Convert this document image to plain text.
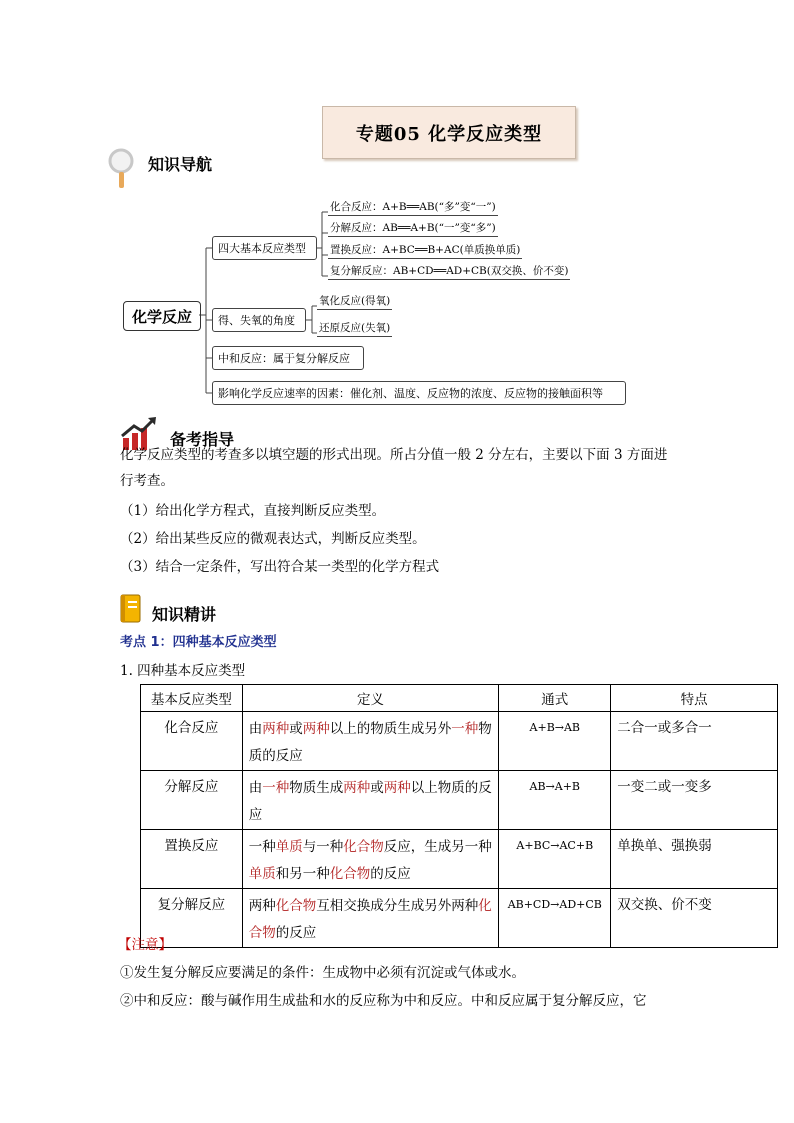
专题05 化学反应类型
知识导航
化学反应
四大基本反应类型
化合反应：A+B══AB(“多”变“一”)
分解反应：AB══A+B(“一”变“多”)
置换反应：A+BC══B+AC(单质换单质)
复分解反应：AB+CD══AD+CB(双交换、价不变)
得、失氧的角度
氧化反应(得氧)
还原反应(失氧)
中和反应：属于复分解反应
影响化学反应速率的因素：催化剂、温度、反应物的浓度、反应物的接触面积等
备考指导
化学反应类型的考查多以填空题的形式出现。所占分值一般 2 分左右，主要以下面 3 方面进行考查。
（1）给出化学方程式，直接判断反应类型。
（2）给出某些反应的微观表达式，判断反应类型。
（3）结合一定条件，写出符合某一类型的化学方程式
知识精讲
考点 1：四种基本反应类型
1. 四种基本反应类型
基本反应类型	定义	通式	特点
化合反应	由两种或两种以上的物质生成另外一种物质的反应	A+B→AB	二合一或多合一
分解反应	由一种物质生成两种或两种以上物质的反应	AB→A+B	一变二或一变多
置换反应	一种单质与一种化合物反应，生成另一种单质和另一种化合物的反应	A+BC→AC+B	单换单、强换弱
复分解反应	两种化合物互相交换成分生成另外两种化合物的反应	AB+CD→AD+CB	双交换、价不变
【注意】
①发生复分解反应要满足的条件：生成物中必须有沉淀或气体或水。
②中和反应：酸与碱作用生成盐和水的反应称为中和反应。中和反应属于复分解反应，它
